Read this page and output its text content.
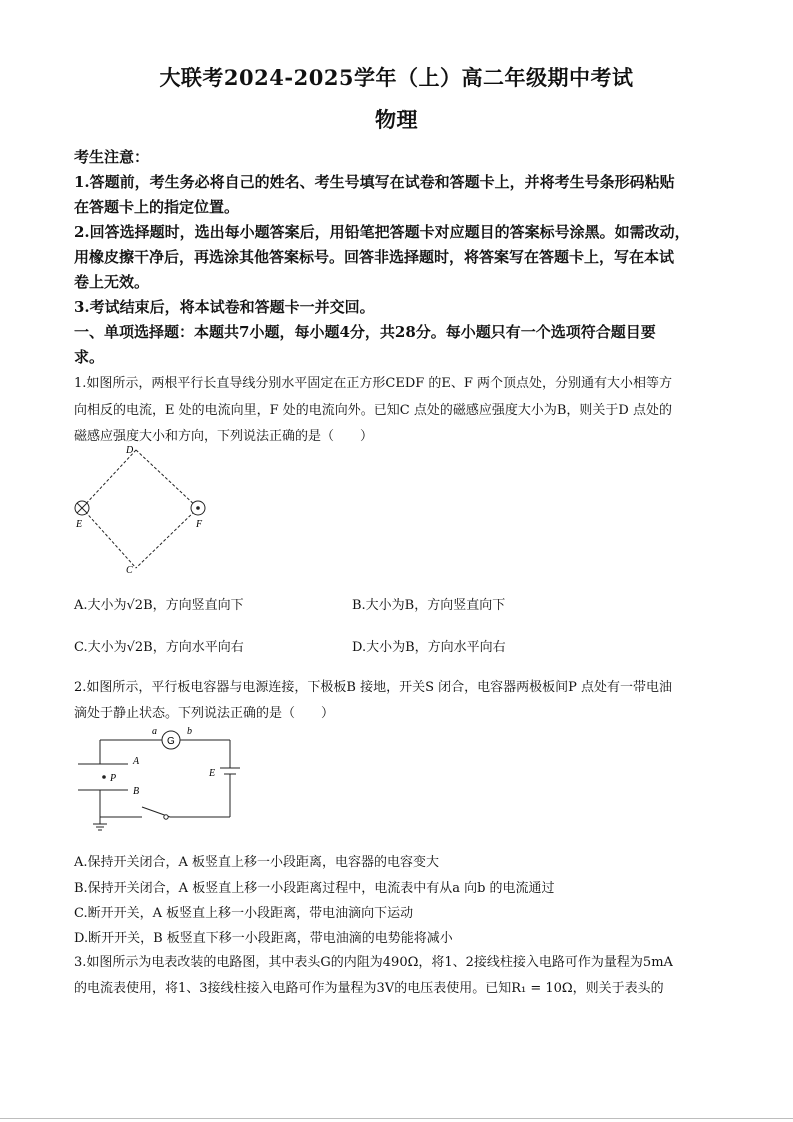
大联考2024-2025学年（上）高二年级期中考试
物理
考生注意：
1.答题前，考生务必将自己的姓名、考生号填写在试卷和答题卡上，并将考生号条形码粘贴
在答题卡上的指定位置。
2.回答选择题时，选出每小题答案后，用铅笔把答题卡对应题目的答案标号涂黑。如需改动，
用橡皮擦干净后，再选涂其他答案标号。回答非选择题时，将答案写在答题卡上，写在本试
卷上无效。
3.考试结束后，将本试卷和答题卡一并交回。
一、单项选择题：本题共7小题，每小题4分，共28分。每小题只有一个选项符合题目要
求。
1.如图所示，两根平行长直导线分别水平固定在正方形CEDF 的E、F 两个顶点处，分别通有大小相等方
向相反的电流，E 处的电流向里，F 处的电流向外。已知C 点处的磁感应强度大小为B，则关于D 点处的
磁感应强度大小和方向，下列说法正确的是（　　）
D
E	F
C
A.大小为√2B，方向竖直向下	B.大小为B，方向竖直向下
C.大小为√2B，方向水平向右	D.大小为B，方向水平向右
2.如图所示，平行板电容器与电源连接，下极板B 接地，开关S 闭合，电容器两极板间P 点处有一带电油
滴处于静止状态。下列说法正确的是（　　）
G
a	b
A
P
B
E
A.保持开关闭合，A 板竖直上移一小段距离，电容器的电容变大
B.保持开关闭合，A 板竖直上移一小段距离过程中，电流表中有从a 向b 的电流通过
C.断开开关，A 板竖直上移一小段距离，带电油滴向下运动
D.断开开关，B 板竖直下移一小段距离，带电油滴的电势能将减小
3.如图所示为电表改装的电路图，其中表头G的内阻为490Ω，将1、2接线柱接入电路可作为量程为5mA
的电流表使用，将1、3接线柱接入电路可作为量程为3V的电压表使用。已知R₁ = 10Ω，则关于表头的
